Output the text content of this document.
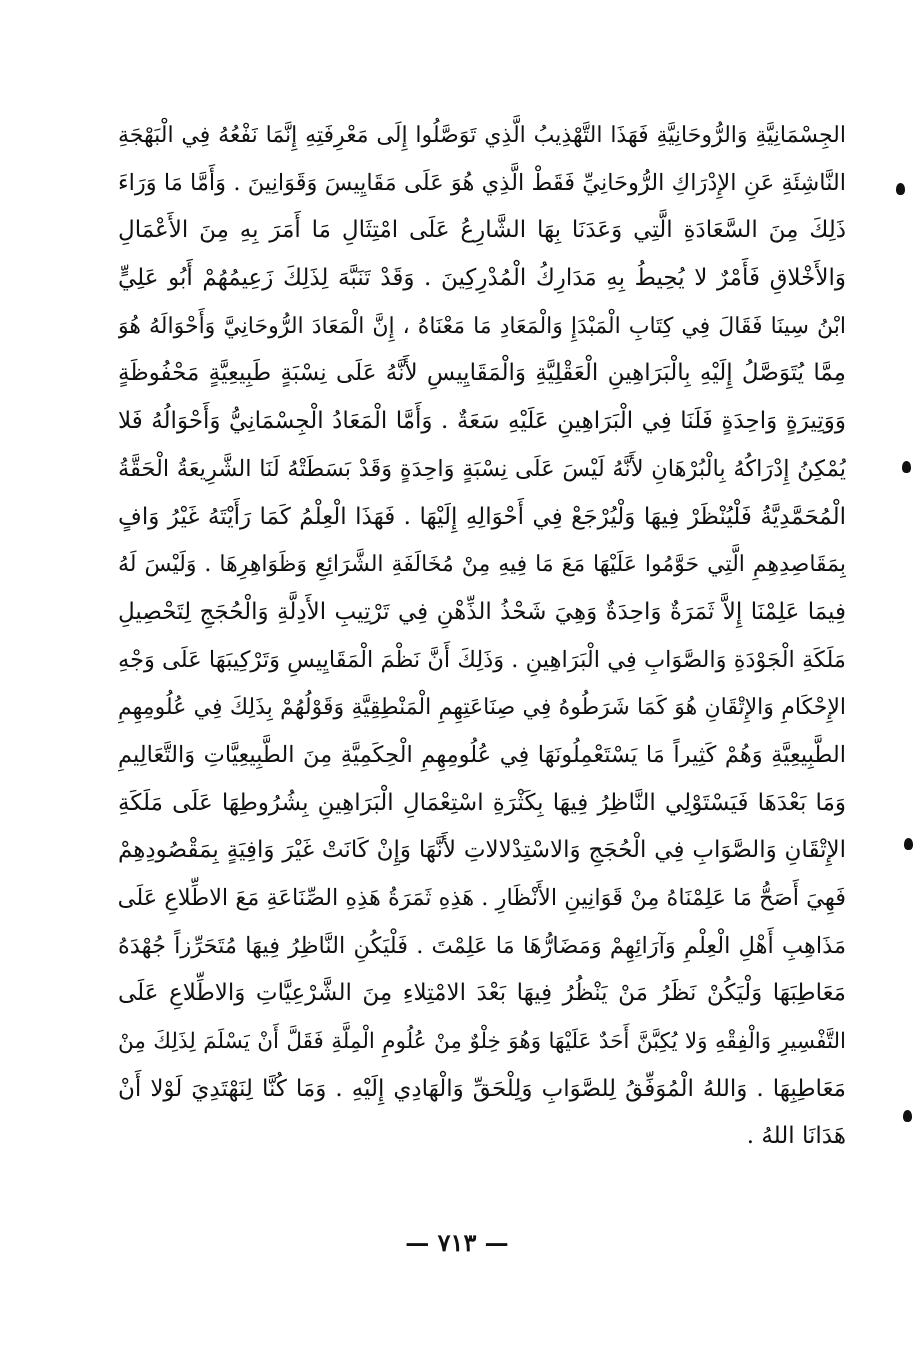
الجِسْمَانِيَّةِ وَالرُّوحَانِيَّةِ فَهَذَا التَّهْذِيبُ الَّذِي تَوَصَّلُوا إِلَى مَعْرِفَتِهِ إِنَّمَا نَفْعُهُ فِي الْبَهْجَةِ
النَّاشِئَةِ عَنِ الإِدْرَاكِ الرُّوحَانِيِّ فَقَطْ الَّذِي هُوَ عَلَى مَقَايِيسَ وَقَوَانِينَ . وَأَمَّا مَا وَرَاءَ
ذَلِكَ مِنَ السَّعَادَةِ الَّتِي وَعَدَنَا بِهَا الشَّارِعُ عَلَى امْتِثَالِ مَا أَمَرَ بِهِ مِنَ الأَعْمَالِ
وَالأَخْلاقِ فَأَمْرٌ لا يُحِيطُ بِهِ مَدَارِكُ الْمُدْرِكِينَ . وَقَدْ تَنَبَّهَ لِذَلِكَ زَعِيمُهُمْ أَبُو عَلِيٍّ
ابْنُ سِينَا فَقَالَ فِي كِتَابِ الْمَبْدَإِ وَالْمَعَادِ مَا مَعْنَاهُ ، إِنَّ الْمَعَادَ الرُّوحَانِيَّ وَأَحْوَالَهُ هُوَ
مِمَّا يُتَوَصَّلُ إِلَيْهِ بِالْبَرَاهِينِ الْعَقْلِيَّةِ وَالْمَقَايِيسِ لأَنَّهُ عَلَى نِسْبَةٍ طَبِيعِيَّةٍ مَحْفُوظَةٍ
وَوَتِيرَةٍ وَاحِدَةٍ فَلَنَا فِي الْبَرَاهِينِ عَلَيْهِ سَعَةٌ . وَأَمَّا الْمَعَادُ الْجِسْمَانِيُّ وَأَحْوَالُهُ فَلا
يُمْكِنُ إِدْرَاكُهُ بِالْبُرْهَانِ لأَنَّهُ لَيْسَ عَلَى نِسْبَةٍ وَاحِدَةٍ وَقَدْ بَسَطَتْهُ لَنَا الشَّرِيعَةُ الْحَقَّةُ
الْمُحَمَّدِيَّةُ فَلْيُنْظَرْ فِيهَا وَلْيُرْجَعْ فِي أَحْوَالِهِ إِلَيْهَا . فَهَذَا الْعِلْمُ كَمَا رَأَيْتَهُ غَيْرُ وَافٍ
بِمَقَاصِدِهِمِ الَّتِي حَوَّمُوا عَلَيْهَا مَعَ مَا فِيهِ مِنْ مُخَالَفَةِ الشَّرَائِعِ وَظَوَاهِرِهَا . وَلَيْسَ لَهُ
فِيمَا عَلِمْنَا إِلاَّ ثَمَرَةٌ وَاحِدَةٌ وَهِيَ شَحْذُ الذِّهْنِ فِي تَرْتِيبِ الأَدِلَّةِ وَالْحُجَجِ لِتَحْصِيلِ
مَلَكَةِ الْجَوْدَةِ وَالصَّوَابِ فِي الْبَرَاهِينِ . وَذَلِكَ أَنَّ نَظْمَ الْمَقَايِيسِ وَتَرْكِيبَهَا عَلَى وَجْهِ
الإِحْكَامِ وَالإِتْقَانِ هُوَ كَمَا شَرَطُوهُ فِي صِنَاعَتِهِمِ الْمَنْطِقِيَّةِ وَقَوْلُهُمْ بِذَلِكَ فِي عُلُومِهِمِ
الطَّبِيعِيَّةِ وَهُمْ كَثِيراً مَا يَسْتَعْمِلُونَهَا فِي عُلُومِهِمِ الْحِكَمِيَّةِ مِنَ الطَّبِيعِيَّاتِ وَالتَّعَالِيمِ
وَمَا بَعْدَهَا فَيَسْتَوْلِي النَّاظِرُ فِيهَا بِكَثْرَةِ اسْتِعْمَالِ الْبَرَاهِينِ بِشُرُوطِهَا عَلَى مَلَكَةِ
الإِتْقَانِ وَالصَّوَابِ فِي الْحُجَجِ وَالاسْتِدْلالاتِ لأَنَّهَا وَإِنْ كَانَتْ غَيْرَ وَافِيَةٍ بِمَقْصُودِهِمْ
فَهِيَ أَصَحُّ مَا عَلِمْنَاهُ مِنْ قَوَانِينِ الأَنْظَارِ . هَذِهِ ثَمَرَةُ هَذِهِ الصِّنَاعَةِ مَعَ الاطِّلاعِ عَلَى
مَذَاهِبِ أَهْلِ الْعِلْمِ وَآرَائِهِمْ وَمَضَارُّهَا مَا عَلِمْتَ . فَلْيَكُنِ النَّاظِرُ فِيهَا مُتَحَرِّزاً جُهْدَهُ
مَعَاطِبَهَا وَلْيَكُنْ نَظَرُ مَنْ يَنْظُرُ فِيهَا بَعْدَ الامْتِلاءِ مِنَ الشَّرْعِيَّاتِ وَالاطِّلاعِ عَلَى
التَّفْسِيرِ وَالْفِقْهِ وَلا يُكِبَّنَّ أَحَدٌ عَلَيْهَا وَهُوَ خِلْوٌ مِنْ عُلُومِ الْمِلَّةِ فَقَلَّ أَنْ يَسْلَمَ لِذَلِكَ مِنْ
مَعَاطِبِهَا . وَاللهُ الْمُوَفِّقُ لِلصَّوَابِ وَلِلْحَقِّ وَالْهَادِي إِلَيْهِ . وَمَا كُنَّا لِنَهْتَدِيَ لَوْلا أَنْ
هَدَانَا اللهُ .
— ٧١٣ —
